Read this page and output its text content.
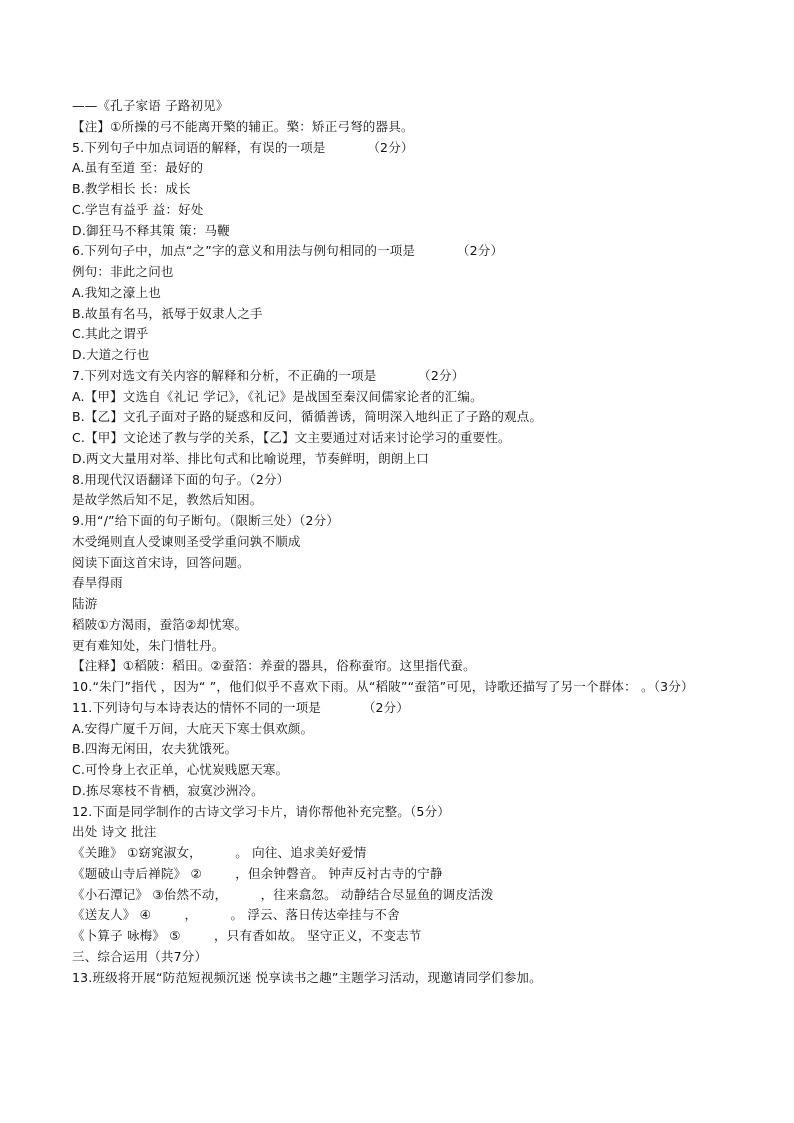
——《孔子家语 子路初见》
【注】①所操的弓不能离开檠的辅正。檠：矫正弓弩的器具。
5.下列句子中加点词语的解释，有误的一项是          （2分）
A.虽有至道 至：最好的
B.教学相长 长：成长
C.学岂有益乎 益：好处
D.御狂马不释其策 策：马鞭
6.下列句子中，加点“之”字的意义和用法与例句相同的一项是          （2分）
例句：非此之问也
A.我知之濠上也
B.故虽有名马，祇辱于奴隶人之手
C.其此之谓乎
D.大道之行也
7.下列对选文有关内容的解释和分析，不正确的一项是          （2分）
A.【甲】文选自《礼记 学记》，《礼记》是战国至秦汉间儒家论者的汇编。
B.【乙】文孔子面对子路的疑惑和反问，循循善诱，简明深入地纠正了子路的观点。
C.【甲】文论述了教与学的关系，【乙】文主要通过对话来讨论学习的重要性。
D.两文大量用对举、排比句式和比喻说理，节奏鲜明，朗朗上口
8.用现代汉语翻译下面的句子。（2分）
是故学然后知不足，教然后知困。
9.用“/”给下面的句子断句。（限断三处）（2分）
木受绳则直人受谏则圣受学重问孰不顺成
阅读下面这首宋诗，回答问题。
春旱得雨
陆游
稻陂①方渴雨，蚕箔②却忧寒。
更有难知处，朱门惜牡丹。
【注释】①稻陂：稻田。②蚕箔：养蚕的器具，俗称蚕帘。这里指代蚕。
10.“朱门”指代 ，因为“ ”，他们似乎不喜欢下雨。从“稻陂”“蚕箔”可见，诗歌还描写了另一个群体： 。（3分）
11.下列诗句与本诗表达的情怀不同的一项是          （2分）
A.安得广厦千万间，大庇天下寒士俱欢颜。
B.四海无闲田，农夫犹饿死。
C.可怜身上衣正单，心忧炭贱愿天寒。
D.拣尽寒枝不肯栖，寂寞沙洲冷。
12.下面是同学制作的古诗文学习卡片，请你帮他补充完整。（5分）
出处 诗文 批注
《关雎》 ①窈窕淑女，        。 向往、追求美好爱情
《题破山寺后禅院》 ②        ，但余钟磬音。 钟声反衬古寺的宁静
《小石潭记》 ③佁然不动，        ，往来翕忽。 动静结合尽显鱼的调皮活泼
《送友人》 ④        ，        。 浮云、落日传达牵挂与不舍
《卜算子 咏梅》 ⑤        ，只有香如故。 坚守正义，不变志节
三、综合运用（共7分）
13.班级将开展“防范短视频沉迷 悦享读书之趣”主题学习活动，现邀请同学们参加。
